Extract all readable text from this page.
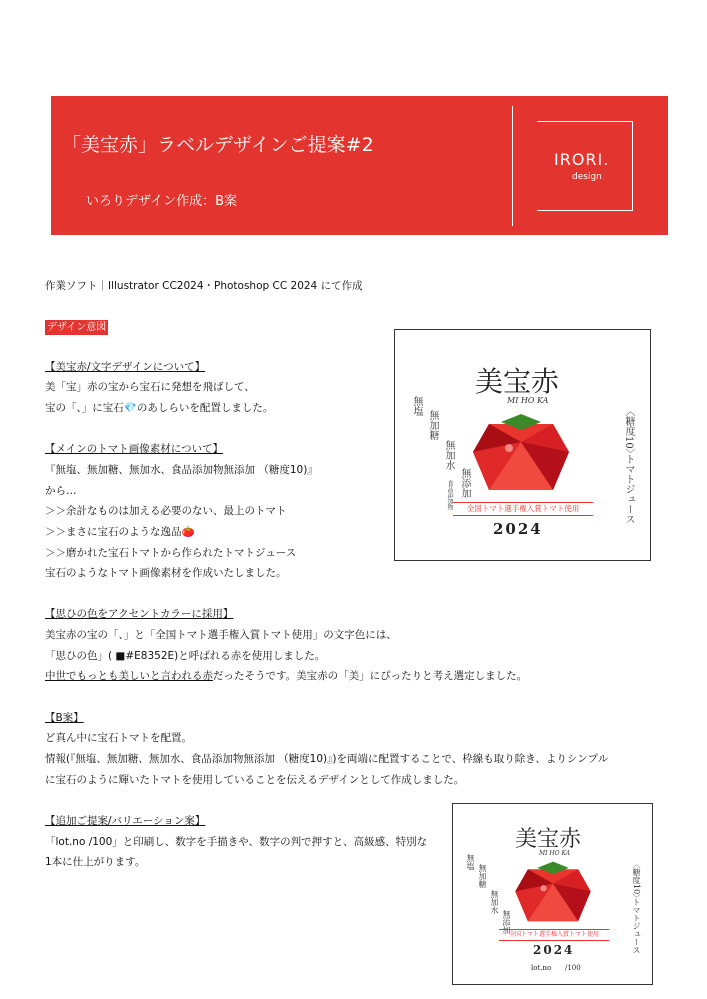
「美宝赤」ラベルデザインご提案#2
いろりデザイン作成：B案
IRORI.
design
作業ソフト｜Illustrator CC2024・Photoshop CC 2024 にて作成
デザイン意図
【美宝赤/文字デザインについて】
美「宝」赤の宝から宝石に発想を飛ばして、
宝の「、」に宝石💎のあしらいを配置しました。
【メインのトマト画像素材について】
『無塩、無加糖、無加水、食品添加物無添加 （糖度10)』
から…
＞＞余計なものは加える必要のない、最上のトマト
＞＞まさに宝石のような逸品🍅
＞＞磨かれた宝石トマトから作られたトマトジュース
宝石のようなトマト画像素材を作成いたしました。
【思ひの色をアクセントカラーに採用】
美宝赤の宝の「、」と「全国トマト選手権入賞トマト使用」の文字色には、
「思ひの色」( ■#E8352E)と呼ばれる赤を使用しました。
中世でもっとも美しいと言われる赤だったそうです。美宝赤の「美」にぴったりと考え選定しました。
【B案】
ど真ん中に宝石トマトを配置。
情報(『無塩、無加糖、無加水、食品添加物無添加 （糖度10)』)を両端に配置することで、枠線も取り除き、よりシンプル
に宝石のように輝いたトマトを使用していることを伝えるデザインとして作成しました。
【追加ご提案/バリエーション案】
「lot.no /100」と印刷し、数字を手描きや、数字の判で押すと、高級感、特別な
1本に仕上がります。
美宝赤
MI HO KA
無塩
無加糖
無加水
無添加
食品添加物
〈糖度10〉
トマトジュース
全国トマト選手権入賞トマト使用
2024
美宝赤
MI HO KA
無塩
無加糖
無加水
無添加
〈糖度10〉
トマトジュース
全国トマト選手権入賞トマト使用
2024
lot.no /100
